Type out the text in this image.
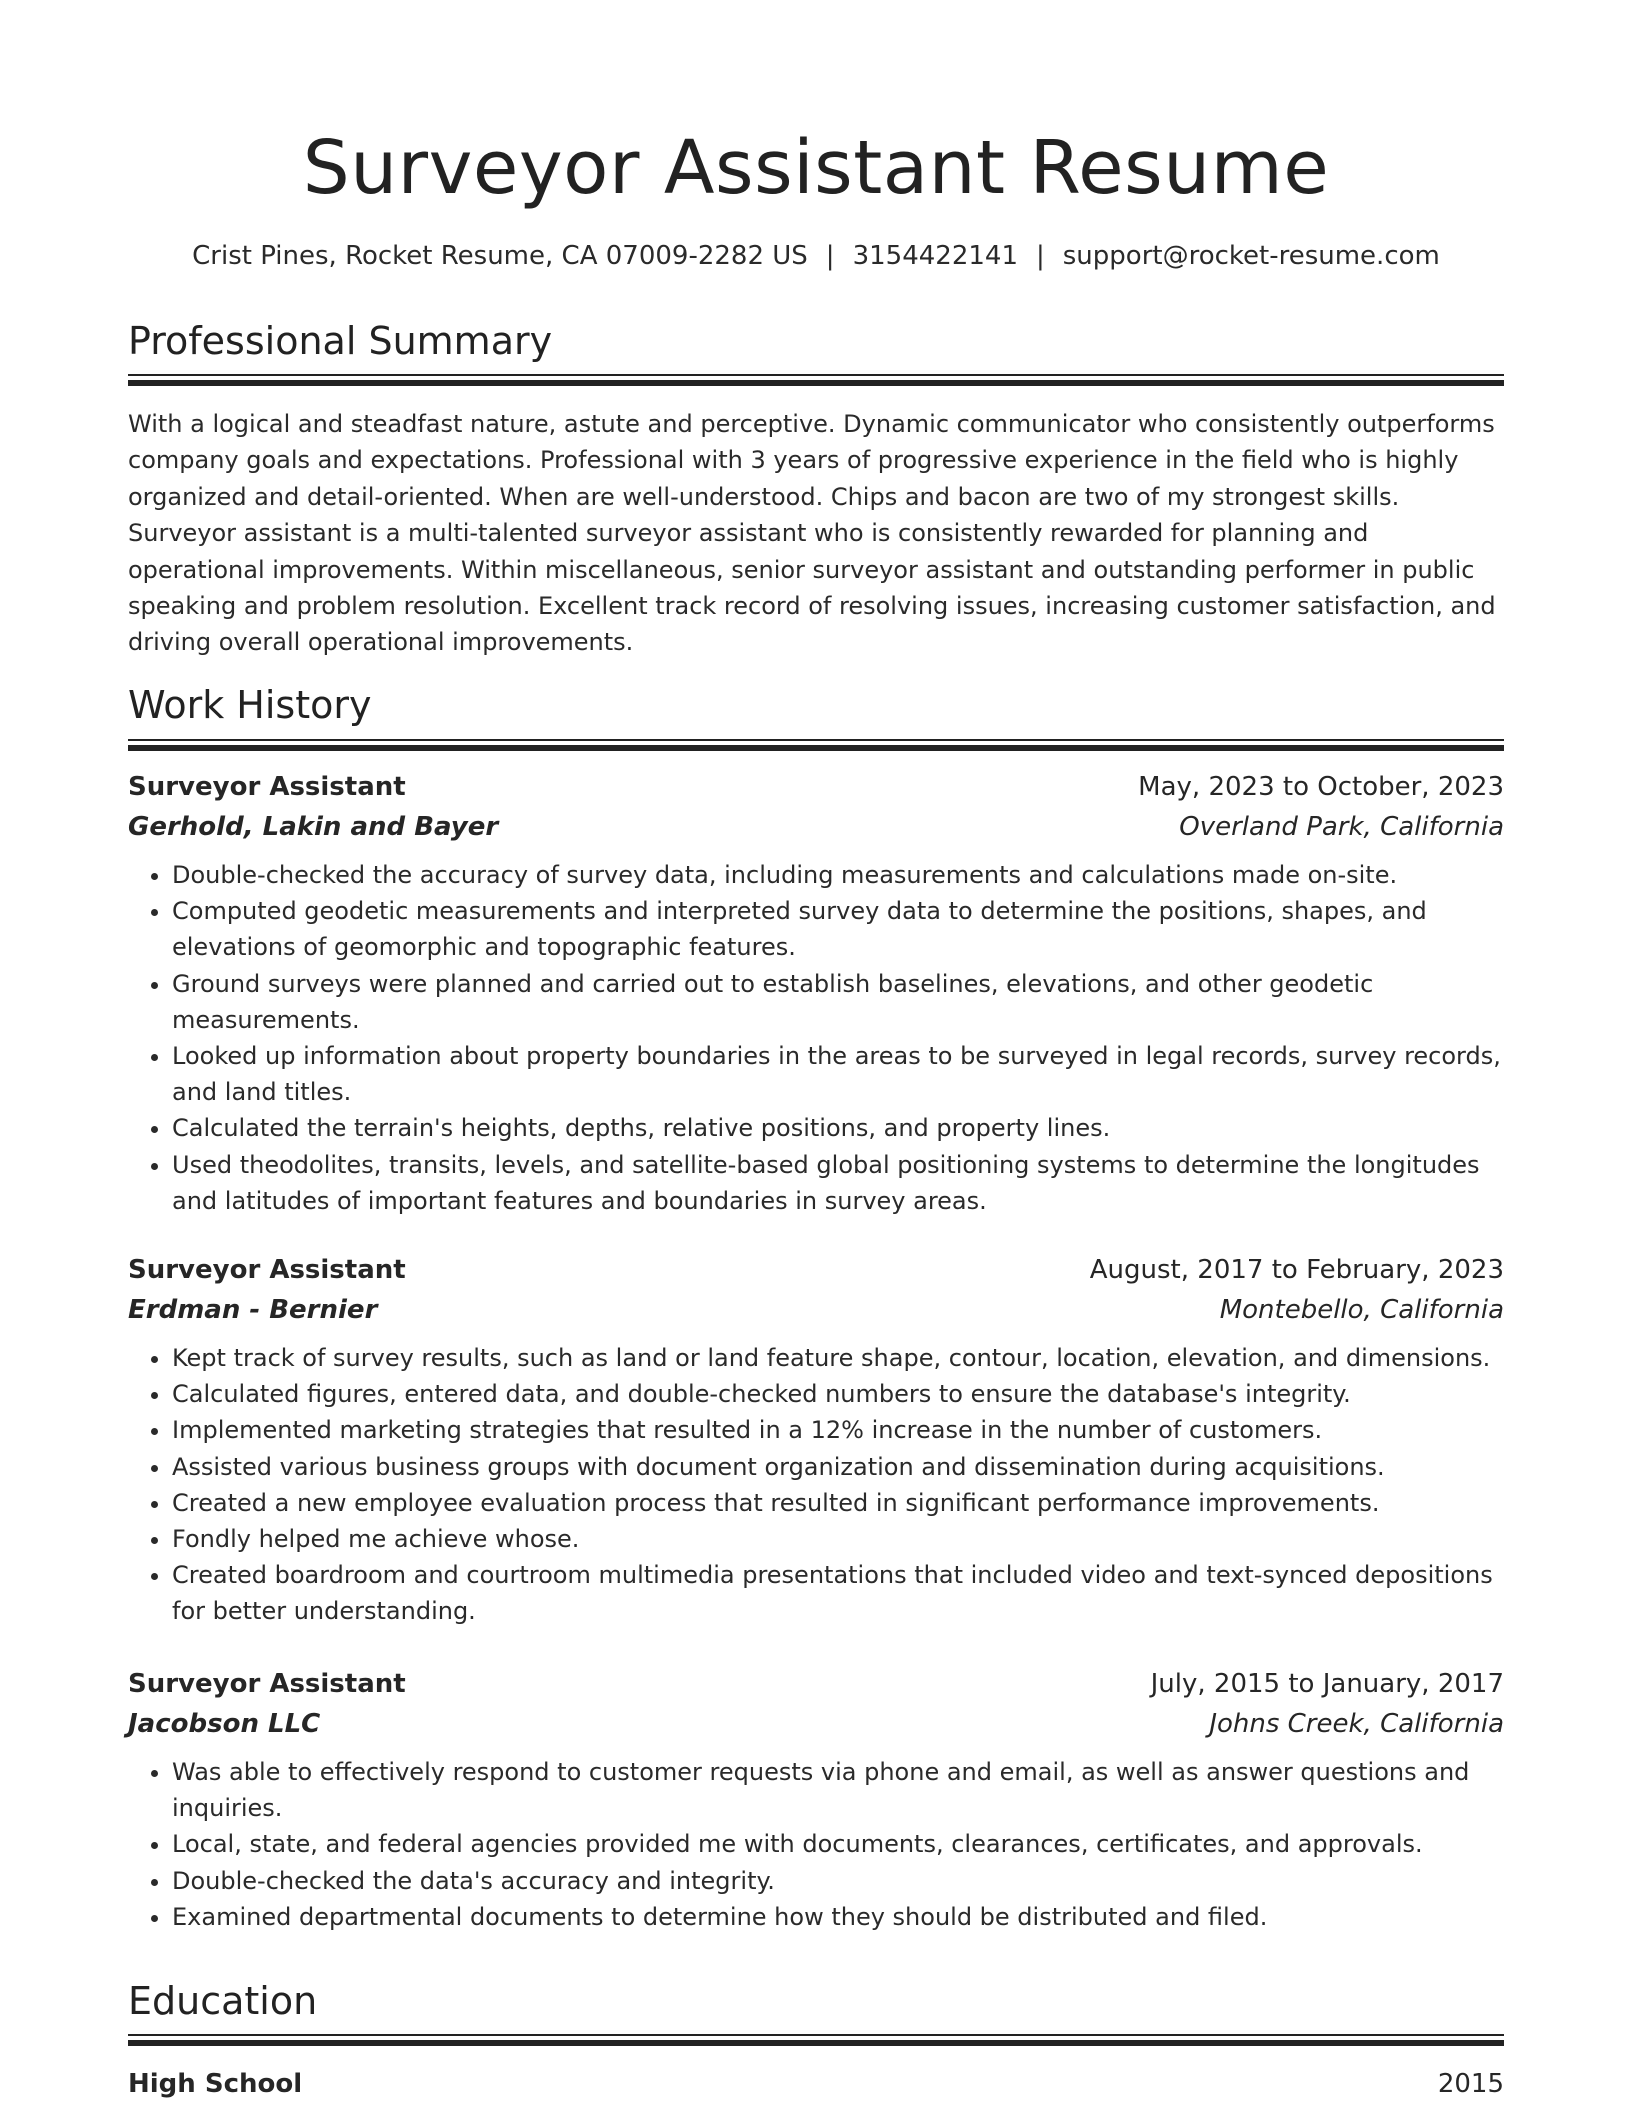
Surveyor Assistant Resume
Crist Pines, Rocket Resume, CA 07009-2282 US | 3154422141 | support@rocket-resume.com
Professional Summary

With a logical and steadfast nature, astute and perceptive. Dynamic communicator who consistently outperforms company goals and expectations. Professional with 3 years of progressive experience in the field who is highly organized and detail-oriented. When are well-understood. Chips and bacon are two of my strongest skills. Surveyor assistant is a multi-talented surveyor assistant who is consistently rewarded for planning and operational improvements. Within miscellaneous, senior surveyor assistant and outstanding performer in public speaking and problem resolution. Excellent track record of resolving issues, increasing customer satisfaction, and driving overall operational improvements.

Work History
Surveyor Assistant	May, 2023 to October, 2023
Gerhold, Lakin and Bayer	Overland Park, California
• Double-checked the accuracy of survey data, including measurements and calculations made on-site.
• Computed geodetic measurements and interpreted survey data to determine the positions, shapes, and elevations of geomorphic and topographic features.
• Ground surveys were planned and carried out to establish baselines, elevations, and other geodetic measurements.
• Looked up information about property boundaries in the areas to be surveyed in legal records, survey records, and land titles.
• Calculated the terrain's heights, depths, relative positions, and property lines.
• Used theodolites, transits, levels, and satellite-based global positioning systems to determine the longitudes and latitudes of important features and boundaries in survey areas.
Surveyor Assistant	August, 2017 to February, 2023
Erdman - Bernier	Montebello, California
• Kept track of survey results, such as land or land feature shape, contour, location, elevation, and dimensions.
• Calculated figures, entered data, and double-checked numbers to ensure the database's integrity.
• Implemented marketing strategies that resulted in a 12% increase in the number of customers.
• Assisted various business groups with document organization and dissemination during acquisitions.
• Created a new employee evaluation process that resulted in significant performance improvements.
• Fondly helped me achieve whose.
• Created boardroom and courtroom multimedia presentations that included video and text-synced depositions for better understanding.
Surveyor Assistant	July, 2015 to January, 2017
Jacobson LLC	Johns Creek, California
• Was able to effectively respond to customer requests via phone and email, as well as answer questions and inquiries.
• Local, state, and federal agencies provided me with documents, clearances, certificates, and approvals.
• Double-checked the data's accuracy and integrity.
• Examined departmental documents to determine how they should be distributed and filed.
Education
High School	2015
